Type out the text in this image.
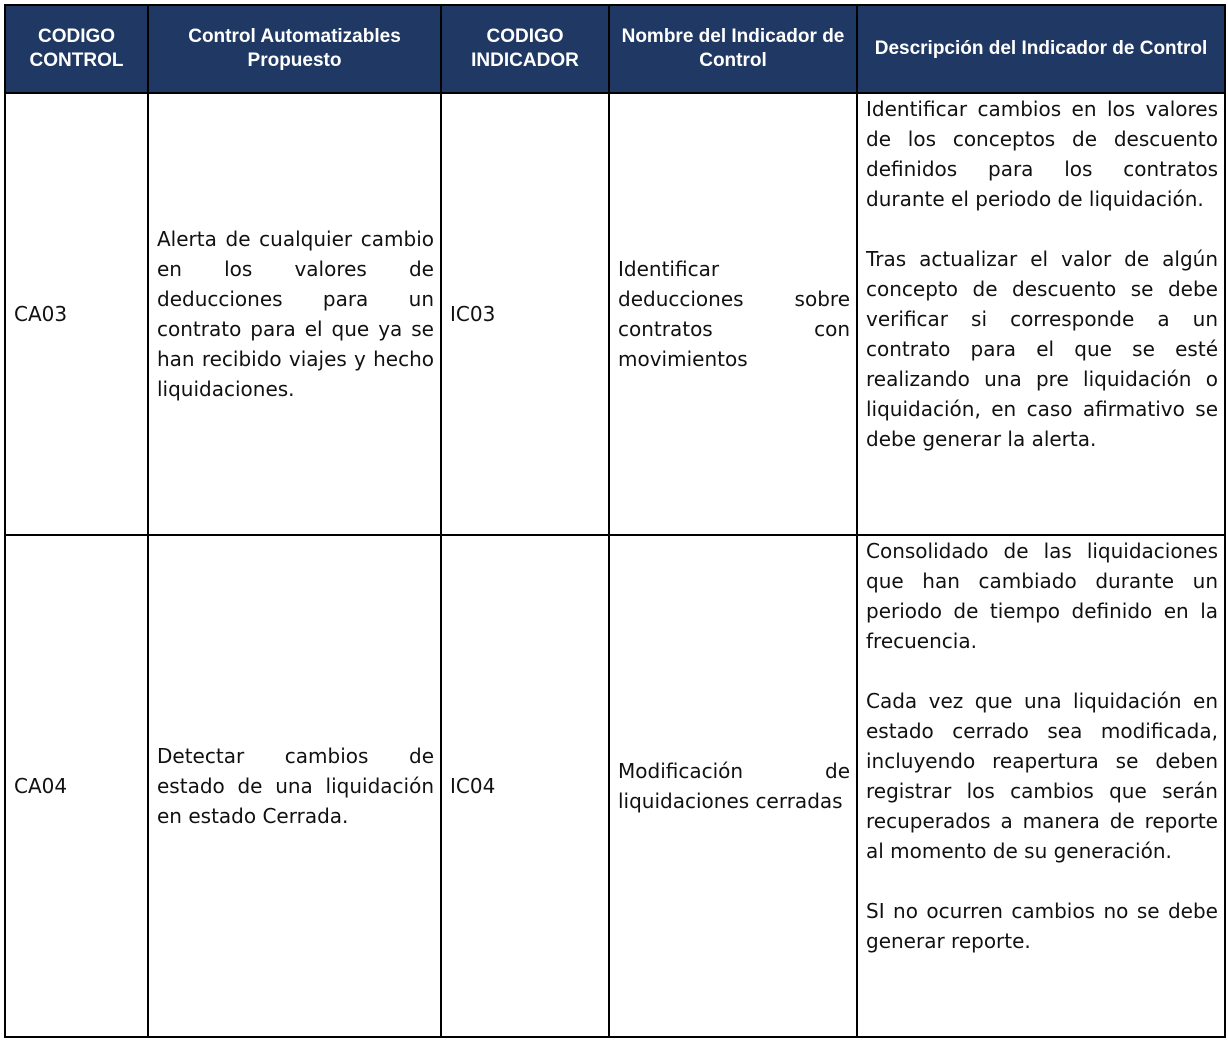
CODIGO CONTROL	Control Automatizables Propuesto	CODIGO INDICADOR	Nombre del Indicador de Control	Descripción del Indicador de Control
CA03	Alerta de cualquier cambio en los valores de deducciones para un contrato para el que ya se han recibido viajes y hecho liquidaciones.	IC03	Identificar deducciones sobre contratos con movimientos	Identificar cambios en los valores de los conceptos de descuento definidos para los contratos durante el periodo de liquidación.
Tras actualizar el valor de algún concepto de descuento se debe verificar si corresponde a un contrato para el que se esté realizando una pre liquidación o liquidación, en caso afirmativo se debe generar la alerta.

CA04	Detectar cambios de estado de una liquidación en estado Cerrada.	IC04	Modificación de liquidaciones cerradas	Consolidado de las liquidaciones que han cambiado durante un periodo de tiempo definido en la frecuencia.
Cada vez que una liquidación en estado cerrado sea modificada, incluyendo reapertura se deben registrar los cambios que serán recuperados a manera de reporte al momento de su generación.
SI no ocurren cambios no se debe generar reporte.
